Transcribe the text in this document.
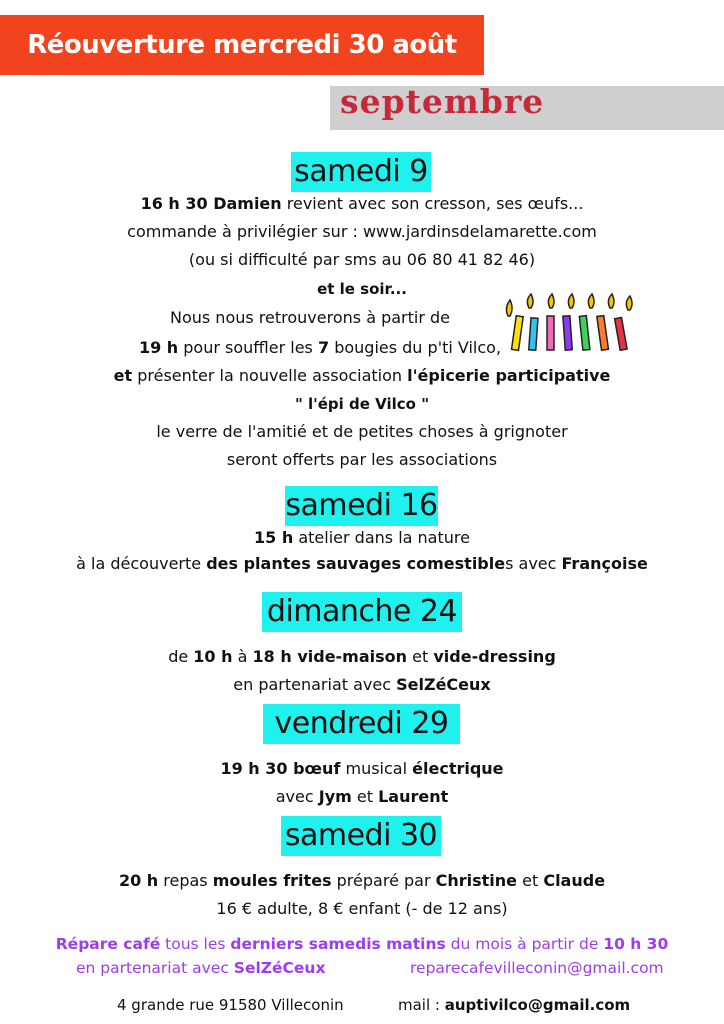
Réouverture mercredi 30 août
septembre
samedi 9
16 h 30 Damien revient avec son cresson, ses œufs...
commande à privilégier sur : www.jardinsdelamarette.com
(ou si difficulté par sms au 06 80 41 82 46)
et le soir...
Nous nous retrouverons à partir de
19 h pour souffler les 7 bougies du p'ti Vilco,
et présenter la nouvelle association l'épicerie participative
" l'épi de Vilco "
le verre de l'amitié et de petites choses à grignoter
seront offerts par les associations
samedi 16
15 h atelier dans la nature
à la découverte des plantes sauvages comestibles avec Françoise
dimanche 24
de 10 h à 18 h vide-maison et vide-dressing
en partenariat avec SelZéCeux
vendredi 29
19 h 30 bœuf musical électrique
avec Jym et Laurent
samedi 30
20 h repas moules frites préparé par Christine et Claude
16 € adulte, 8 € enfant (- de 12 ans)
Répare café tous les derniers samedis matins du mois à partir de 10 h 30
en partenariat avec SelZéCeux	reparecafevilleconin@gmail.com
4 grande rue 91580 Villeconin	mail : auptivilco@gmail.com
